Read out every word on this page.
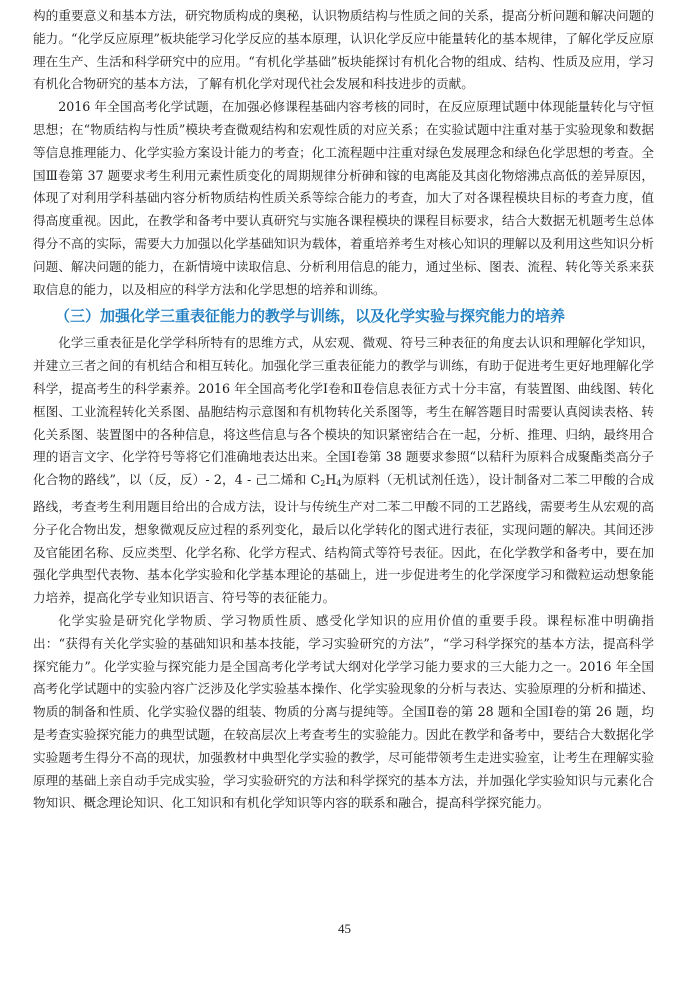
构的重要意义和基本方法，研究物质构成的奥秘，认识物质结构与性质之间的关系，提高分析问题和解决问题的能力。“化学反应原理”板块能学习化学反应的基本原理，认识化学反应中能量转化的基本规律，了解化学反应原理在生产、生活和科学研究中的应用。“有机化学基础”板块能探讨有机化合物的组成、结构、性质及应用，学习有机化合物研究的基本方法，了解有机化学对现代社会发展和科技进步的贡献。

2016 年全国高考化学试题，在加强必修课程基础内容考核的同时，在反应原理试题中体现能量转化与守恒思想；在“物质结构与性质”模块考查微观结构和宏观性质的对应关系；在实验试题中注重对基于实验现象和数据等信息推理能力、化学实验方案设计能力的考查；化工流程题中注重对绿色发展理念和绿色化学思想的考查。全国Ⅲ卷第 37 题要求考生利用元素性质变化的周期规律分析砷和镓的电离能及其卤化物熔沸点高低的差异原因，体现了对利用学科基础内容分析物质结构性质关系等综合能力的考查，加大了对各课程模块目标的考查力度，值得高度重视。因此，在教学和备考中要认真研究与实施各课程模块的课程目标要求，结合大数据无机题考生总体得分不高的实际，需要大力加强以化学基础知识为载体，着重培养考生对核心知识的理解以及利用这些知识分析问题、解决问题的能力，在新情境中读取信息、分析利用信息的能力，通过坐标、图表、流程、转化等关系来获取信息的能力，以及相应的科学方法和化学思想的培养和训练。

（三）加强化学三重表征能力的教学与训练，以及化学实验与探究能力的培养

化学三重表征是化学学科所特有的思维方式，从宏观、微观、符号三种表征的角度去认识和理解化学知识，并建立三者之间的有机结合和相互转化。加强化学三重表征能力的教学与训练，有助于促进考生更好地理解化学科学，提高考生的科学素养。2016 年全国高考化学Ⅰ卷和Ⅱ卷信息表征方式十分丰富，有装置图、曲线图、转化框图、工业流程转化关系图、晶胞结构示意图和有机物转化关系图等，考生在解答题目时需要认真阅读表格、转化关系图、装置图中的各种信息，将这些信息与各个模块的知识紧密结合在一起，分析、推理、归纳，最终用合理的语言文字、化学符号等将它们准确地表达出来。全国Ⅰ卷第 38 题要求参照“以秸秆为原料合成聚酯类高分子化合物的路线”，以（反，反）- 2，4 - 己二烯和 $C_2H_4$为原料（无机试剂任选），设计制备对二苯二甲酸的合成路线，考查考生利用题目给出的合成方法，设计与传统生产对二苯二甲酸不同的工艺路线，需要考生从宏观的高分子化合物出发，想象微观反应过程的系列变化，最后以化学转化的图式进行表征，实现问题的解决。其间还涉及官能团名称、反应类型、化学名称、化学方程式、结构简式等符号表征。因此，在化学教学和备考中，要在加强化学典型代表物、基本化学实验和化学基本理论的基础上，进一步促进考生的化学深度学习和微粒运动想象能力培养，提高化学专业知识语言、符号等的表征能力。

化学实验是研究化学物质、学习物质性质、感受化学知识的应用价值的重要手段。课程标准中明确指出：“获得有关化学实验的基础知识和基本技能，学习实验研究的方法”，“学习科学探究的基本方法，提高科学探究能力”。化学实验与探究能力是全国高考化学考试大纲对化学学习能力要求的三大能力之一。2016 年全国高考化学试题中的实验内容广泛涉及化学实验基本操作、化学实验现象的分析与表达、实验原理的分析和描述、物质的制备和性质、化学实验仪器的组装、物质的分离与提纯等。全国Ⅱ卷的第 28 题和全国Ⅰ卷的第 26 题，均是考查实验探究能力的典型试题，在较高层次上考查考生的实验能力。因此在教学和备考中，要结合大数据化学实验题考生得分不高的现状，加强教材中典型化学实验的教学，尽可能带领考生走进实验室，让考生在理解实验原理的基础上亲自动手完成实验，学习实验研究的方法和科学探究的基本方法，并加强化学实验知识与元素化合物知识、概念理论知识、化工知识和有机化学知识等内容的联系和融合，提高科学探究能力。

45
